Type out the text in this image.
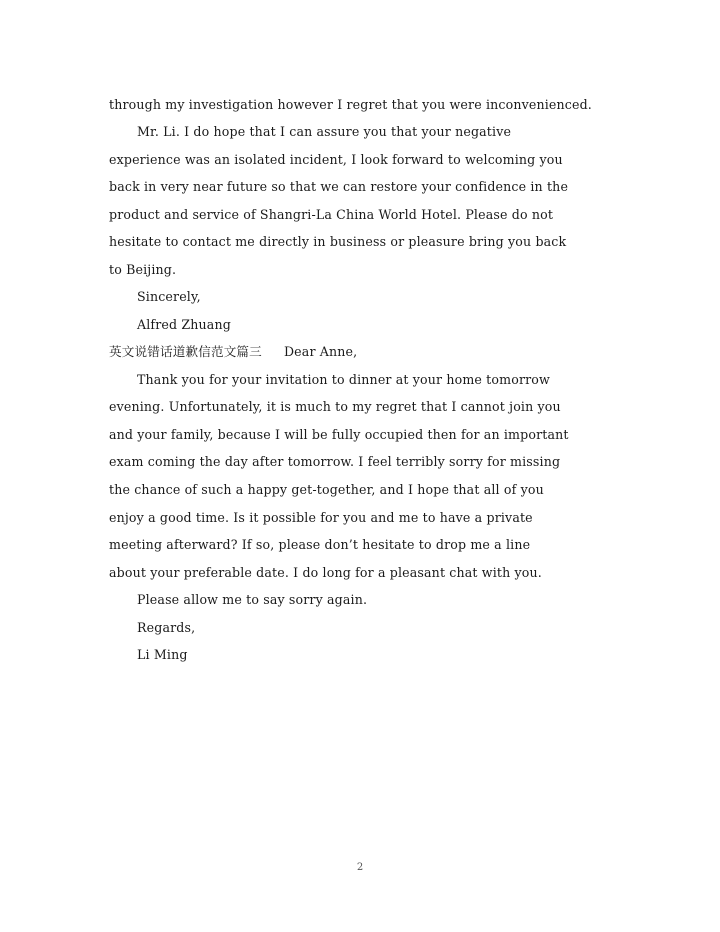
through my investigation however I regret that you were inconvenienced.
Mr. Li. I do hope that I can assure you that your negative
experience was an isolated incident, I look forward to welcoming you
back in very near future so that we can restore your confidence in the
product and service of Shangri-La China World Hotel. Please do not
hesitate to contact me directly in business or pleasure bring you back
to Beijing.
Sincerely,
Alfred Zhuang
英文说错话道歉信范文篇三 Dear Anne,
Thank you for your invitation to dinner at your home tomorrow
evening. Unfortunately, it is much to my regret that I cannot join you
and your family, because I will be fully occupied then for an important
exam coming the day after tomorrow. I feel terribly sorry for missing
the chance of such a happy get-together, and I hope that all of you
enjoy a good time. Is it possible for you and me to have a private
meeting afterward? If so, please don’t hesitate to drop me a line
about your preferable date. I do long for a pleasant chat with you.
Please allow me to say sorry again.
Regards,
Li Ming
2
